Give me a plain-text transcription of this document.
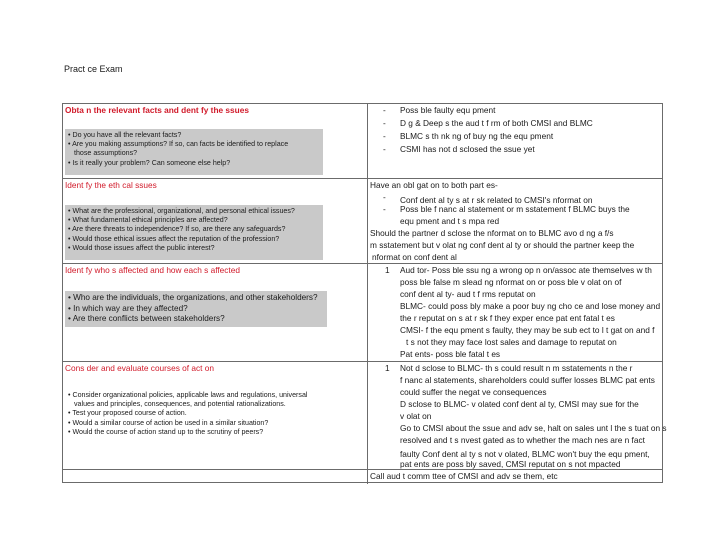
Pract ce Exam
Obta n the relevant facts and dent fy the ssues
• Do you have all the relevant facts?
• Are you making assumptions? If so, can facts be identified to replace
those assumptions?
• Is it really your problem? Can someone else help?
- Poss ble faulty equ pment
- D g & Deep s the aud t f rm of both CMSI and BLMC
- BLMC s th nk ng of buy ng the equ pment
- CSMI has not d sclosed the ssue yet
Ident fy the eth cal ssues
• What are the professional, organizational, and personal ethical issues?
• What fundamental ethical principles are affected?
• Are there threats to independence? If so, are there any safeguards?
• Would those ethical issues affect the reputation of the profession?
• Would those issues affect the public interest?
Have an obl gat on to both part es-
- Conf dent al ty s at r sk related to CMSI's nformat on
- Poss ble f nanc al statement or m sstatement f BLMC buys the
equ pment and t s mpa red
Should the partner d sclose the nformat on to BLMC avo d ng a f/s
m sstatement but v olat ng conf dent al ty or should the partner keep the
nformat on conf dent al
Ident fy who s affected and how each s affected
• Who are the individuals, the organizations, and other stakeholders?
• In which way are they affected?
• Are there conflicts between stakeholders?
1 Aud tor- Poss ble ssu ng a wrong op n on/assoc ate themselves w th
poss ble false m slead ng nformat on or poss ble v olat on of
conf dent al ty- aud t f rms reputat on
BLMC- could poss bly make a poor buy ng cho ce and lose money and
the r reputat on s at r sk f they exper ence pat ent fatal t es
CMSI- f the equ pment s faulty, they may be sub ect to l t gat on and f
t s not they may face lost sales and damage to reputat on
Pat ents- poss ble fatal t es
Cons der and evaluate courses of act on
• Consider organizational policies, applicable laws and regulations, universal
values and principles, consequences, and potential rationalizations.
• Test your proposed course of action.
• Would a similar course of action be used in a similar situation?
• Would the course of action stand up to the scrutiny of peers?
1 Not d sclose to BLMC- th s could result n m sstatements n the r
f nanc al statements, shareholders could suffer losses BLMC pat ents
could suffer the negat ve consequences
D sclose to BLMC- v olated conf dent al ty, CMSI may sue for the
v olat on
Go to CMSI about the ssue and adv se, halt on sales unt l the s tuat on s
resolved and t s nvest gated as to whether the mach nes are n fact
faulty Conf dent al ty s not v olated, BLMC won't buy the equ pment,
pat ents are poss bly saved, CMSI reputat on s not mpacted
Call aud t comm ttee of CMSI and adv se them, etc
